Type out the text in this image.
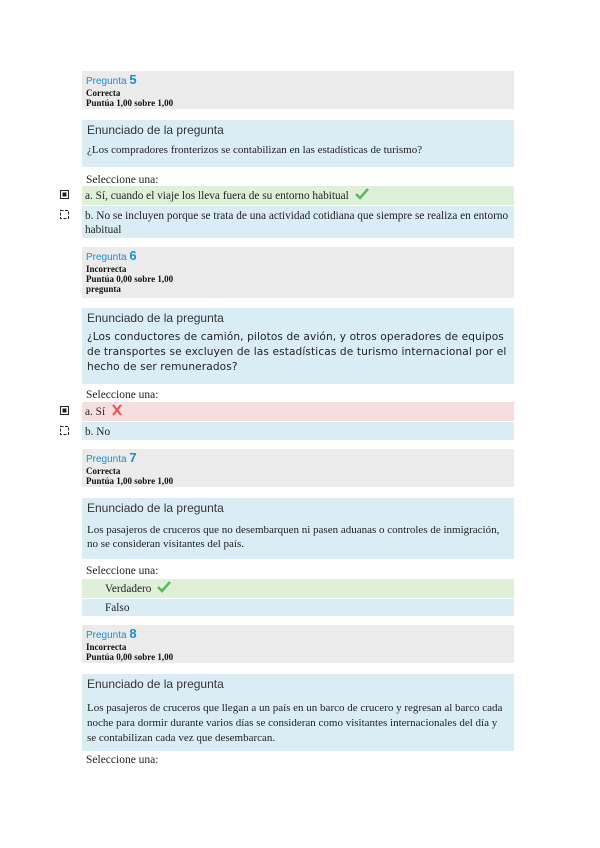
Pregunta 5
Correcta
Puntúa 1,00 sobre 1,00
Enunciado de la pregunta
¿Los compradores fronterizos se contabilizan en las estadísticas de turismo?
Seleccione una:
a. Sí, cuando el viaje los lleva fuera de su entorno habitual
b. No se incluyen porque se trata de una actividad cotidiana que siempre se realiza en entorno habitual
Pregunta 6
Incorrecta
Puntúa 0,00 sobre 1,00
pregunta
Enunciado de la pregunta
¿Los conductores de camión, pilotos de avión, y otros operadores de equipos de transportes se excluyen de las estadísticas de turismo internacional por el hecho de ser remunerados?
Seleccione una:
a. Sí
b. No
Pregunta 7
Correcta
Puntúa 1,00 sobre 1,00
Enunciado de la pregunta
Los pasajeros de cruceros que no desembarquen ni pasen aduanas o controles de inmigración, no se consideran visitantes del país.
Seleccione una:
Verdadero
Falso
Pregunta 8
Incorrecta
Puntúa 0,00 sobre 1,00
Enunciado de la pregunta
Los pasajeros de cruceros que llegan a un país en un barco de crucero y regresan al barco cada noche para dormir durante varios días se consideran como visitantes internacionales del día y se contabilizan cada vez que desembarcan.
Seleccione una:
